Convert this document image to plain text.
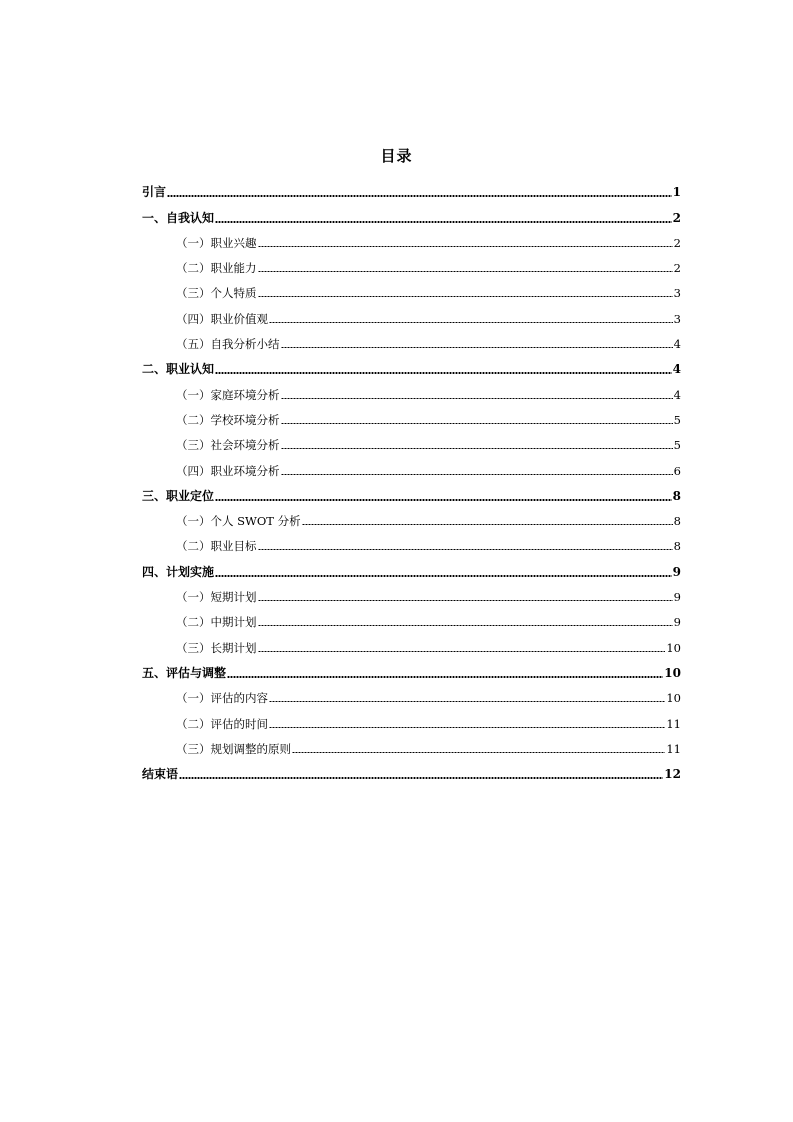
目录
引言	1
一、自我认知	2
（一）职业兴趣	2
（二）职业能力	2
（三）个人特质	3
（四）职业价值观	3
（五）自我分析小结	4
二、职业认知	4
（一）家庭环境分析	4
（二）学校环境分析	5
（三）社会环境分析	5
（四）职业环境分析	6
三、职业定位	8
（一）个人 SWOT 分析	8
（二）职业目标	8
四、计划实施	9
（一）短期计划	9
（二）中期计划	9
（三）长期计划	10
五、评估与调整	10
（一）评估的内容	10
（二）评估的时间	11
（三）规划调整的原则	11
结束语	12
